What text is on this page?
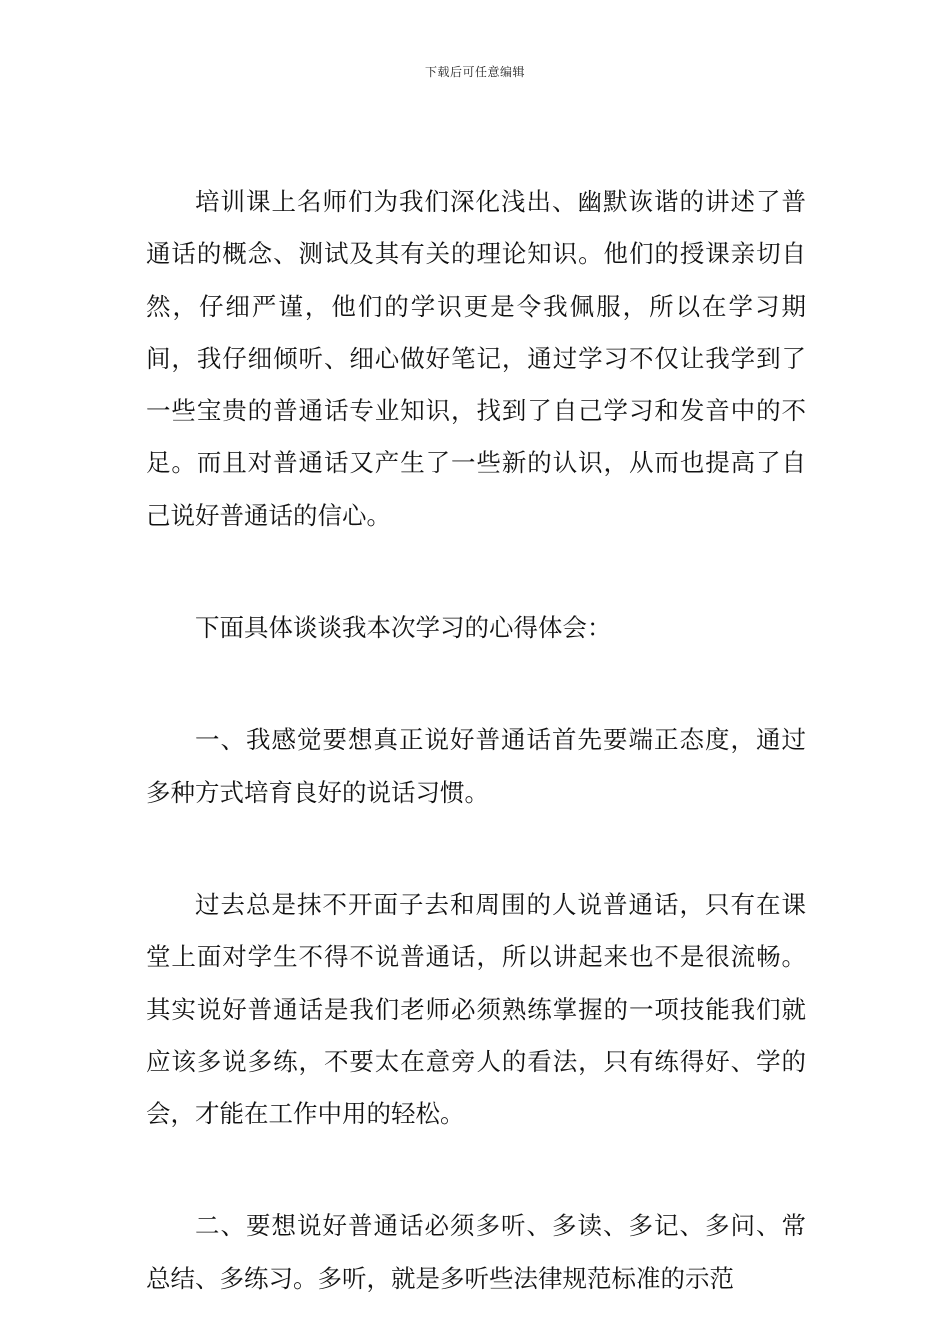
下载后可任意编辑

培训课上名师们为我们深化浅出、幽默诙谐的讲述了普通话的概念、测试及其有关的理论知识。他们的授课亲切自然，仔细严谨，他们的学识更是令我佩服，所以在学习期间，我仔细倾听、细心做好笔记，通过学习不仅让我学到了一些宝贵的普通话专业知识，找到了自己学习和发音中的不足。而且对普通话又产生了一些新的认识，从而也提高了自己说好普通话的信心。

下面具体谈谈我本次学习的心得体会：

一、我感觉要想真正说好普通话首先要端正态度，通过多种方式培育良好的说话习惯。

过去总是抹不开面子去和周围的人说普通话，只有在课堂上面对学生不得不说普通话，所以讲起来也不是很流畅。其实说好普通话是我们老师必须熟练掌握的一项技能我们就应该多说多练，不要太在意旁人的看法，只有练得好、学的会，才能在工作中用的轻松。

二、要想说好普通话必须多听、多读、多记、多问、常总结、多练习。多听，就是多听些法律规范标准的示范
